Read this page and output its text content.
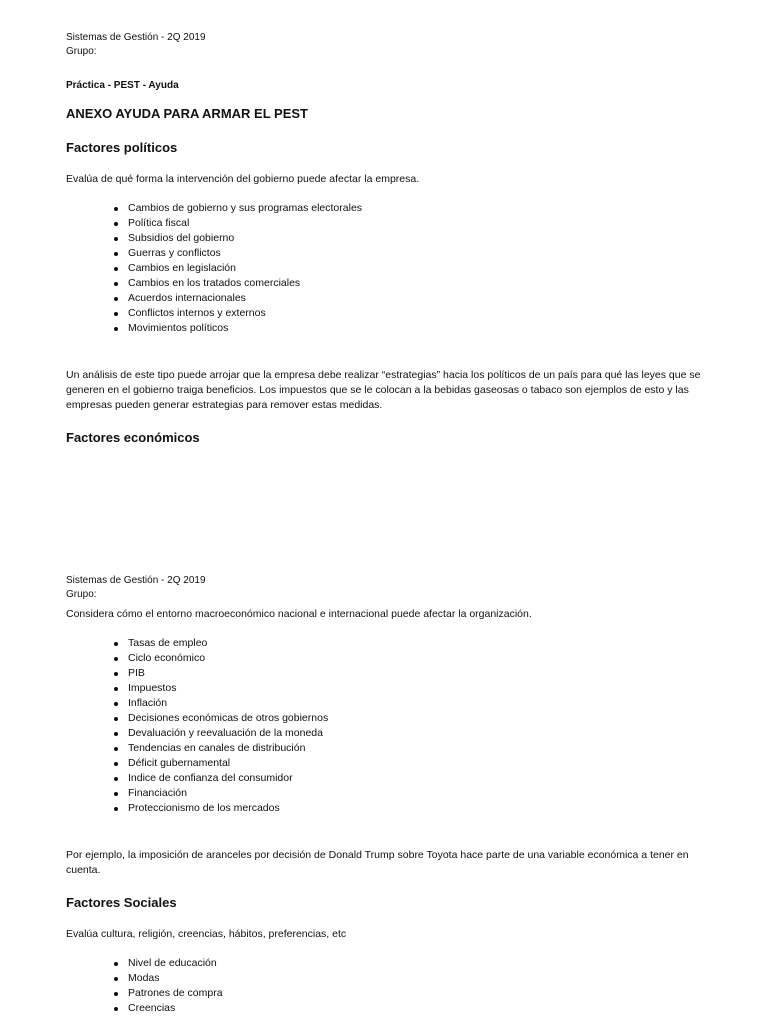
Sistemas de Gestión - 2Q 2019
Grupo:
Práctica - PEST - Ayuda
ANEXO AYUDA PARA ARMAR EL PEST
Factores políticos
Evalúa de qué forma la intervención del gobierno puede afectar la empresa.
Cambios de gobierno y sus programas electorales
Política fiscal
Subsidios del gobierno
Guerras y conflictos
Cambios en legislación
Cambios en los tratados comerciales
Acuerdos internacionales
Conflictos internos y externos
Movimientos políticos
Un análisis de este tipo puede arrojar que la empresa debe realizar “estrategias” hacia los políticos de un país para qué las leyes que se generen en el gobierno traiga beneficios. Los impuestos que se le colocan a la bebidas gaseosas o tabaco son ejemplos de esto y las empresas pueden generar estrategias para remover estas medidas.
Factores económicos
Sistemas de Gestión - 2Q 2019
Grupo:
Considera cómo el entorno macroeconómico nacional e internacional puede afectar la organización.
Tasas de empleo
Ciclo económico
PIB
Impuestos
Inflación
Decisiones económicas de otros gobiernos
Devaluación y reevaluación de la moneda
Tendencias en canales de distribución
Déficit gubernamental
Indice de confianza del consumidor
Financiación
Proteccionismo de los mercados
Por ejemplo, la imposición de aranceles por decisión de Donald Trump sobre Toyota hace parte de una variable económica a tener en cuenta.
Factores Sociales
Evalúa cultura, religión, creencias, hábitos, preferencias, etc
Nivel de educación
Modas
Patrones de compra
Creencias
